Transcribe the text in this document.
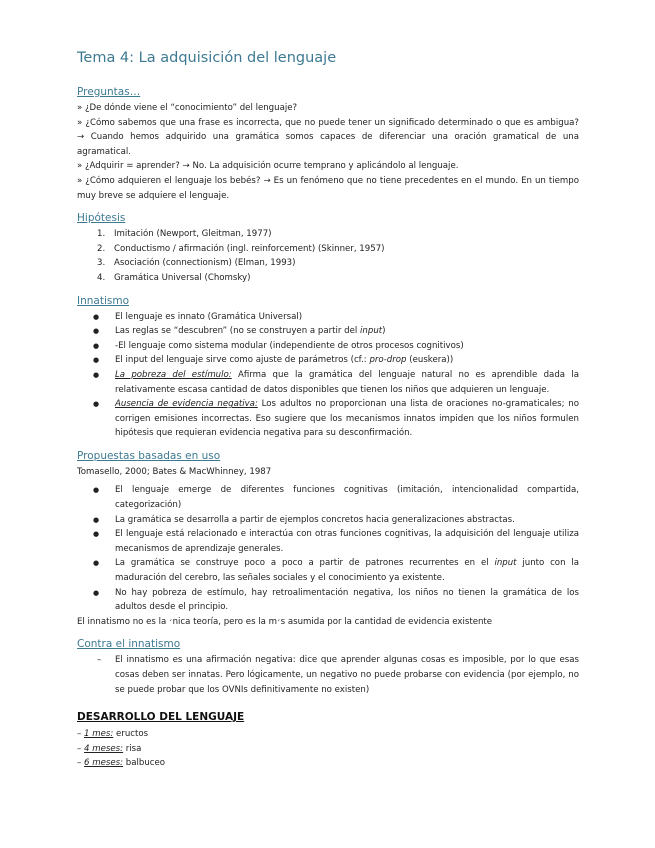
Tema 4: La adquisición del lenguaje
Preguntas…

» ¿De dónde viene el “conocimiento” del lenguaje?

» ¿Cómo sabemos que una frase es incorrecta, que no puede tener un significado determinado o que es ambigua? → Cuando hemos adquirido una gramática somos capaces de diferenciar una oración gramatical de una agramatical.

» ¿Adquirir = aprender? → No. La adquisición ocurre temprano y aplicándolo al lenguaje.

» ¿Cómo adquieren el lenguaje los bebés? → Es un fenómeno que no tiene precedentes en el mundo. En un tiempo muy breve se adquiere el lenguaje.

Hipótesis
1. Imitación (Newport, Gleitman, 1977)
2. Conductismo / afirmación (ingl. reinforcement) (Skinner, 1957)
3. Asociación (connectionism) (Elman, 1993)
4. Gramática Universal (Chomsky)
Innatismo
● El lenguaje es innato (Gramática Universal)
● Las reglas se “descubren” (no se construyen a partir del input)
● -El lenguaje como sistema modular (independiente de otros procesos cognitivos)
● El input del lenguaje sirve como ajuste de parámetros (cf.: pro-drop (euskera))
● La pobreza del estímulo: Afirma que la gramática del lenguaje natural no es aprendible dada la relativamente escasa cantidad de datos disponibles que tienen los niños que adquieren un lenguaje.
● Ausencia de evidencia negativa: Los adultos no proporcionan una lista de oraciones no-gramaticales; no corrigen emisiones incorrectas. Eso sugiere que los mecanismos innatos impiden que los niños formulen hipótesis que requieran evidencia negativa para su desconfirmación.
Propuestas basadas en uso

Tomasello, 2000; Bates & MacWhinney, 1987

● El lenguaje emerge de diferentes funciones cognitivas (imitación, intencionalidad compartida, categorización)
● La gramática se desarrolla a partir de ejemplos concretos hacia generalizaciones abstractas.
● El lenguaje está relacionado e interactúa con otras funciones cognitivas, la adquisición del lenguaje utiliza mecanismos de aprendizaje generales.
● La gramática se construye poco a poco a partir de patrones recurrentes en el input junto con la maduración del cerebro, las señales sociales y el conocimiento ya existente.
● No hay pobreza de estímulo, hay retroalimentación negativa, los niños no tienen la gramática de los adultos desde el principio.

El innatismo no es la ׳nica teoría, pero es la m׳s asumida por la cantidad de evidencia existente

Contra el innatismo
– El innatismo es una afirmación negativa: dice que aprender algunas cosas es imposible, por lo que esas cosas deben ser innatas. Pero lógicamente, un negativo no puede probarse con evidencia (por ejemplo, no se puede probar que los OVNIs definitivamente no existen)
DESARROLLO DEL LENGUAJE

– 1 mes: eructos

– 4 meses: risa

– 6 meses: balbuceo
